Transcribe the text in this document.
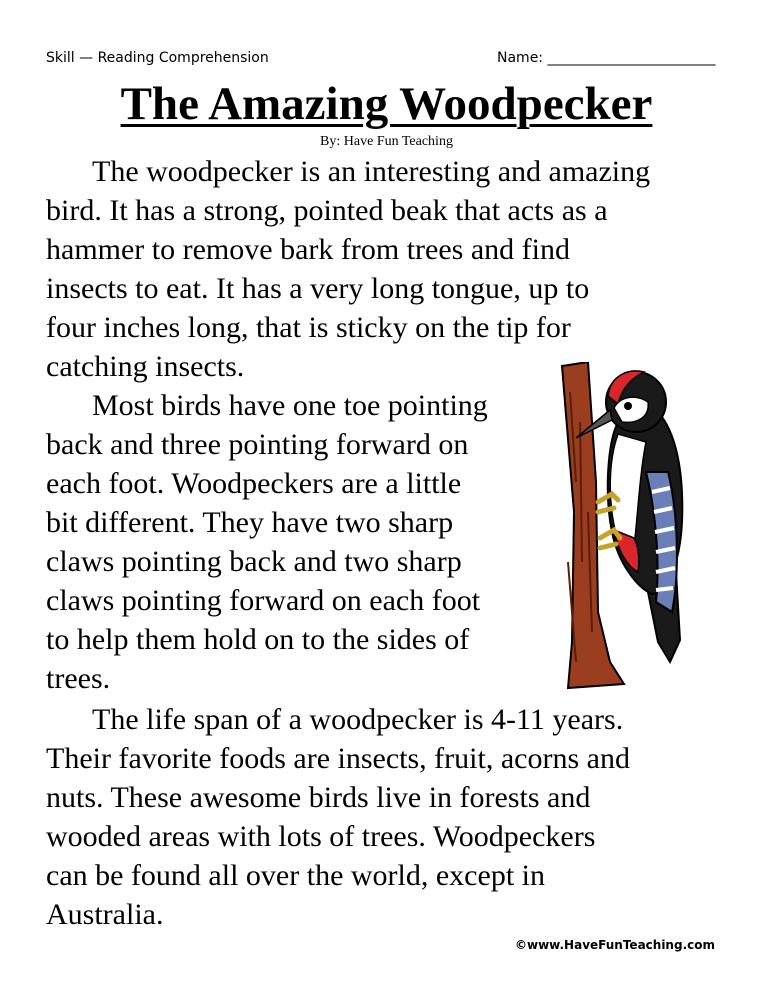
Skill — Reading Comprehension	Name: ________________________
The Amazing Woodpecker
By: Have Fun Teaching

The woodpecker is an interesting and amazing
bird. It has a strong, pointed beak that acts as a
hammer to remove bark from trees and find
insects to eat. It has a very long tongue, up to
four inches long, that is sticky on the tip for
catching insects.

Most birds have one toe pointing
back and three pointing forward on
each foot. Woodpeckers are a little
bit different. They have two sharp
claws pointing back and two sharp
claws pointing forward on each foot
to help them hold on to the sides of
trees.

The life span of a woodpecker is 4-11 years.
Their favorite foods are insects, fruit, acorns and
nuts. These awesome birds live in forests and
wooded areas with lots of trees. Woodpeckers
can be found all over the world, except in
Australia.

©www.HaveFunTeaching.com
